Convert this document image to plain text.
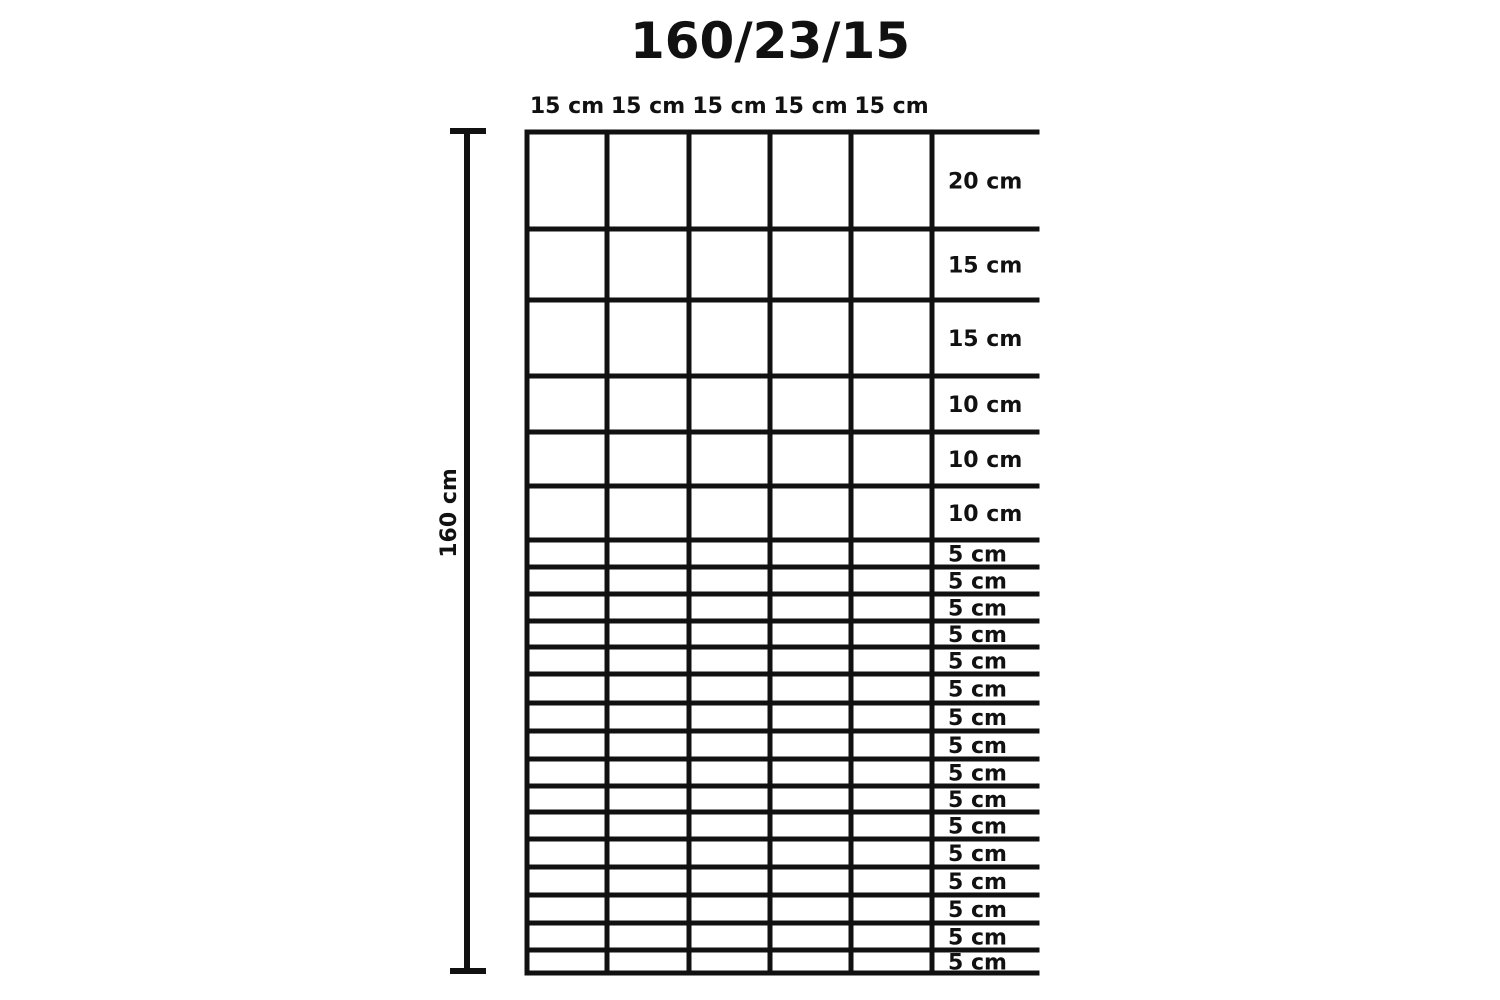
160/23/15
160 cm
15 cm 15 cm 15 cm 15 cm 15 cm
20 cm
15 cm
15 cm
10 cm
10 cm
10 cm
5 cm
5 cm
5 cm
5 cm
5 cm
5 cm
5 cm
5 cm
5 cm
5 cm
5 cm
5 cm
5 cm
5 cm
5 cm
5 cm
